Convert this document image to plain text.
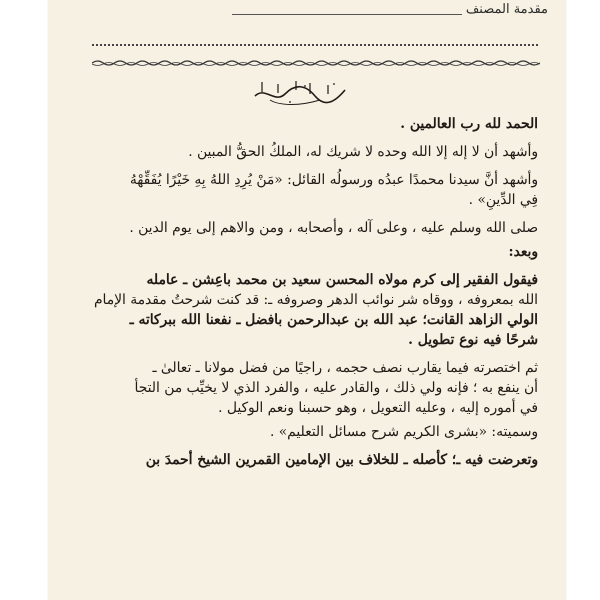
مقدمة المصنف

الحمد لله رب العالمين .

وأشهد أن لا إله إلا الله وحده لا شريك له، الملكُ الحقُّ المبين .

وأشهد أنَّ سيدنا محمدًا عبدُه ورسولُه القائل: «مَنْ يُرِدِ اللهُ بِهِ خَيْرًا يُفَقِّهْهُ

فِي الدِّينِ» .

صلى الله وسلم عليه ، وعلى آله ، وأصحابه ، ومن والاهم إلى يوم الدين .

وبعد:

فيقول الفقير إلى كرم مولاه المحسن سعيد بن محمد باعِشن ـ عامله

الله بمعروفه ، ووقاه شر نوائب الدهر وصروفه ـ: قد كنت شرحتُ مقدمة الإمام

الولي الزاهد القانت؛ عبد الله بن عبدالرحمن بافضل ـ نفعنا الله ببركاته ـ

شرحًا فيه نوع تطويل .

ثم اختصرته فيما يقارب نصف حجمه ، راجيًا من فضل مولانا ـ تعالىٰ ـ

أن ينفع به ؛ فإنه ولي ذلك ، والقادر عليه ، والفرد الذي لا يخيِّب من التجأ

في أموره إليه ، وعليه التعويل ، وهو حسبنا ونعم الوكيل .

وسميته: «بشرى الكريم شرح مسائل التعليم» .

وتعرضت فيه ـ؛ كأصله ـ للخلاف بين الإمامين القمرين الشيخ أحمدَ بن
